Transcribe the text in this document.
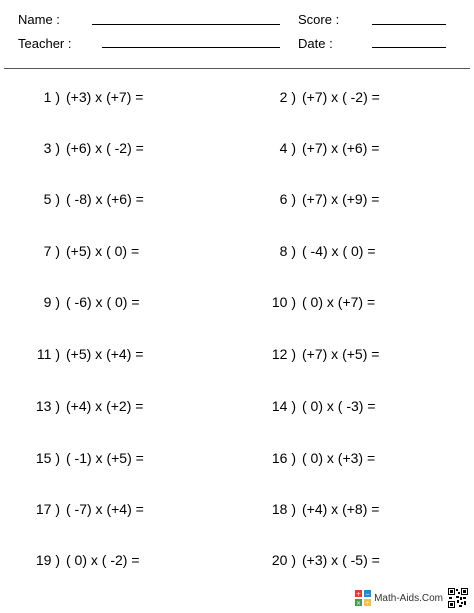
Name :
Teacher :
Score :
Date :
1 ) (+3) x (+7) =
3 ) (+6) x ( -2) =
5 ) ( -8) x (+6) =
7 ) (+5) x ( 0) =
9 ) ( -6) x ( 0) =
11 ) (+5) x (+4) =
13 ) (+4) x (+2) =
15 ) ( -1) x (+5) =
17 ) ( -7) x (+4) =
19 ) ( 0) x ( -2) =
2 ) (+7) x ( -2) =
4 ) (+7) x (+6) =
6 ) (+7) x (+9) =
8 ) ( -4) x ( 0) =
10 ) ( 0) x (+7) =
12 ) (+7) x (+5) =
14 ) ( 0) x ( -3) =
16 ) ( 0) x (+3) =
18 ) (+4) x (+8) =
20 ) (+3) x ( -5) =
+ −
× ÷ Math-Aids.Com
